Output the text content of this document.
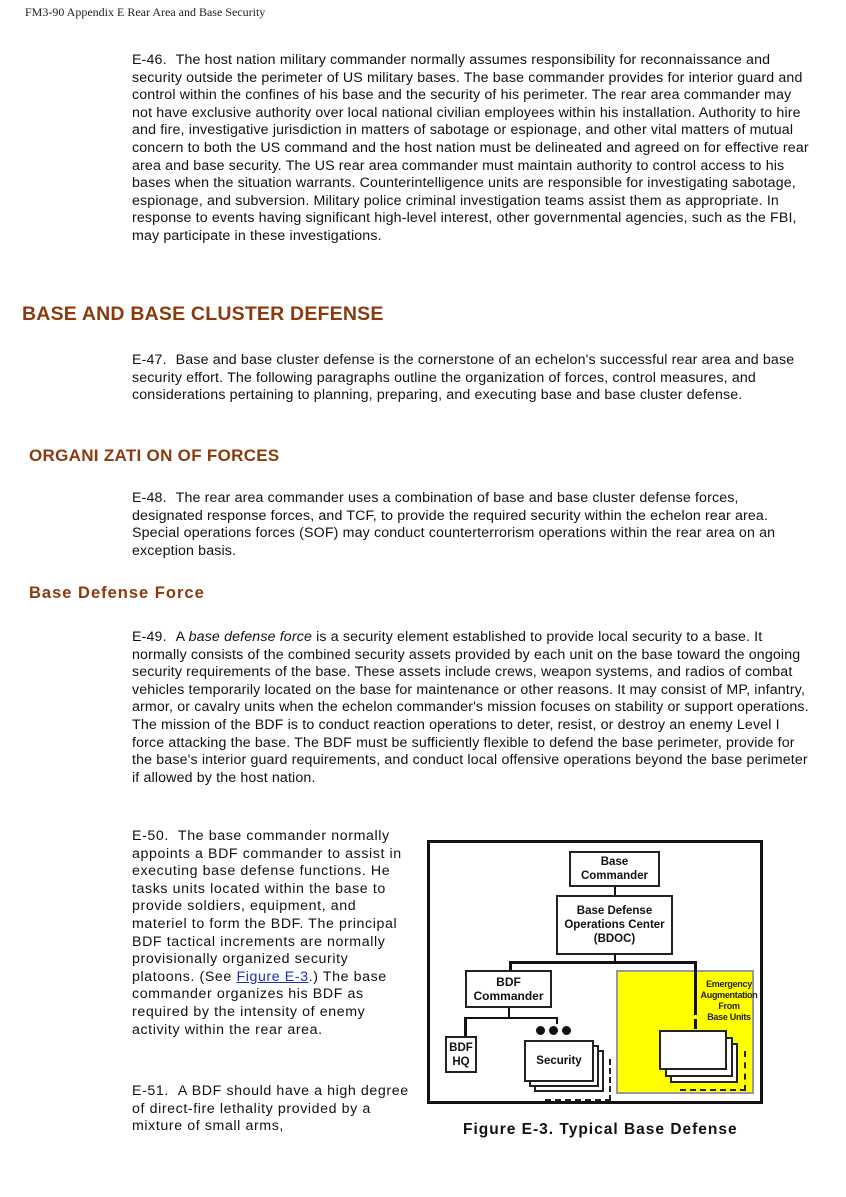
FM3-90 Appendix E Rear Area and Base Security

E-46. The host nation military commander normally assumes responsibility for reconnaissance and security outside the perimeter of US military bases. The base commander provides for interior guard and control within the confines of his base and the security of his perimeter. The rear area commander may not have exclusive authority over local national civilian employees within his installation. Authority to hire and fire, investigative jurisdiction in matters of sabotage or espionage, and other vital matters of mutual concern to both the US command and the host nation must be delineated and agreed on for effective rear area and base security. The US rear area commander must maintain authority to control access to his bases when the situation warrants. Counterintelligence units are responsible for investigating sabotage, espionage, and subversion. Military police criminal investigation teams assist them as appropriate. In response to events having significant high-level interest, other governmental agencies, such as the FBI, may participate in these investigations.

BASE AND BASE CLUSTER DEFENSE

E-47. Base and base cluster defense is the cornerstone of an echelon's successful rear area and base security effort. The following paragraphs outline the organization of forces, control measures, and considerations pertaining to planning, preparing, and executing base and base cluster defense.

ORGANI ZATI ON OF FORCES

E-48. The rear area commander uses a combination of base and base cluster defense forces, designated response forces, and TCF, to provide the required security within the echelon rear area. Special operations forces (SOF) may conduct counterterrorism operations within the rear area on an exception basis.

Base Defense Force

E-49. A base defense force is a security element established to provide local security to a base. It normally consists of the combined security assets provided by each unit on the base toward the ongoing security requirements of the base. These assets include crews, weapon systems, and radios of combat vehicles temporarily located on the base for maintenance or other reasons. It may consist of MP, infantry, armor, or cavalry units when the echelon commander's mission focuses on stability or support operations. The mission of the BDF is to conduct reaction operations to deter, resist, or destroy an enemy Level I force attacking the base. The BDF must be sufficiently flexible to defend the base perimeter, provide for the base's interior guard requirements, and conduct local offensive operations beyond the base perimeter if allowed by the host nation.

E-50. The base commander normally appoints a BDF commander to assist in executing base defense functions. He tasks units located within the base to provide soldiers, equipment, and materiel to form the BDF. The principal BDF tactical increments are normally provisionally organized security platoons. (See Figure E-3.) The base commander organizes his BDF as required by the intensity of enemy activity within the rear area.

E-51. A BDF should have a high degree of direct-fire lethality provided by a mixture of small arms,

Emergency
Augmentation
From
Base Units
Base
Commander
Base Defense
Operations Center
(BDOC)
BDF
Commander
BDF
HQ	Security
Figure E-3. Typical Base Defense
